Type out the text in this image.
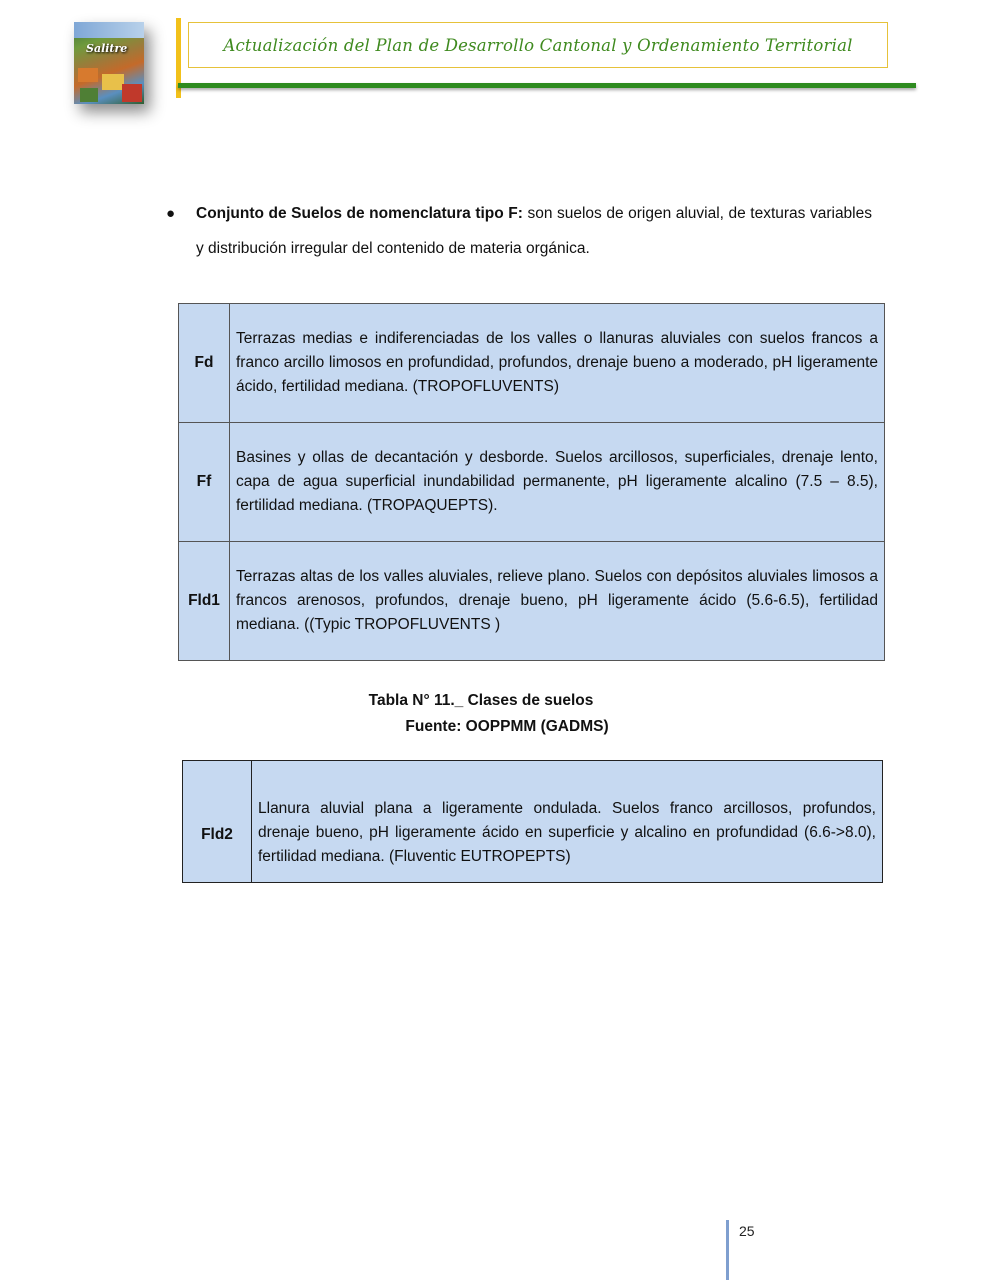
Salitre	Actualización del Plan de Desarrollo Cantonal y Ordenamiento Territorial
● Conjunto de Suelos de nomenclatura tipo F: son suelos de origen aluvial, de texturas variables y distribución irregular del contenido de materia orgánica.
Fd	Terrazas medias e indiferenciadas de los valles o llanuras aluviales con suelos francos a franco arcillo limosos en profundidad, profundos, drenaje bueno a moderado, pH ligeramente ácido, fertilidad mediana. (TROPOFLUVENTS)
Ff	Basines y ollas de decantación y desborde. Suelos arcillosos, superficiales, drenaje lento, capa de agua superficial inundabilidad permanente, pH ligeramente alcalino (7.5 – 8.5), fertilidad mediana. (TROPAQUEPTS).
Fld1	Terrazas altas de los valles aluviales, relieve plano. Suelos con depósitos aluviales limosos a francos arenosos, profundos, drenaje bueno, pH ligeramente ácido (5.6-6.5), fertilidad mediana. ((Typic TROPOFLUVENTS )
Tabla N° 11._ Clases de suelos
Fuente: OOPPMM (GADMS)
Fld2	Llanura aluvial plana a ligeramente ondulada. Suelos franco arcillosos, profundos, drenaje bueno, pH ligeramente ácido en superficie y alcalino en profundidad (6.6->8.0), fertilidad mediana. (Fluventic EUTROPEPTS)
25
